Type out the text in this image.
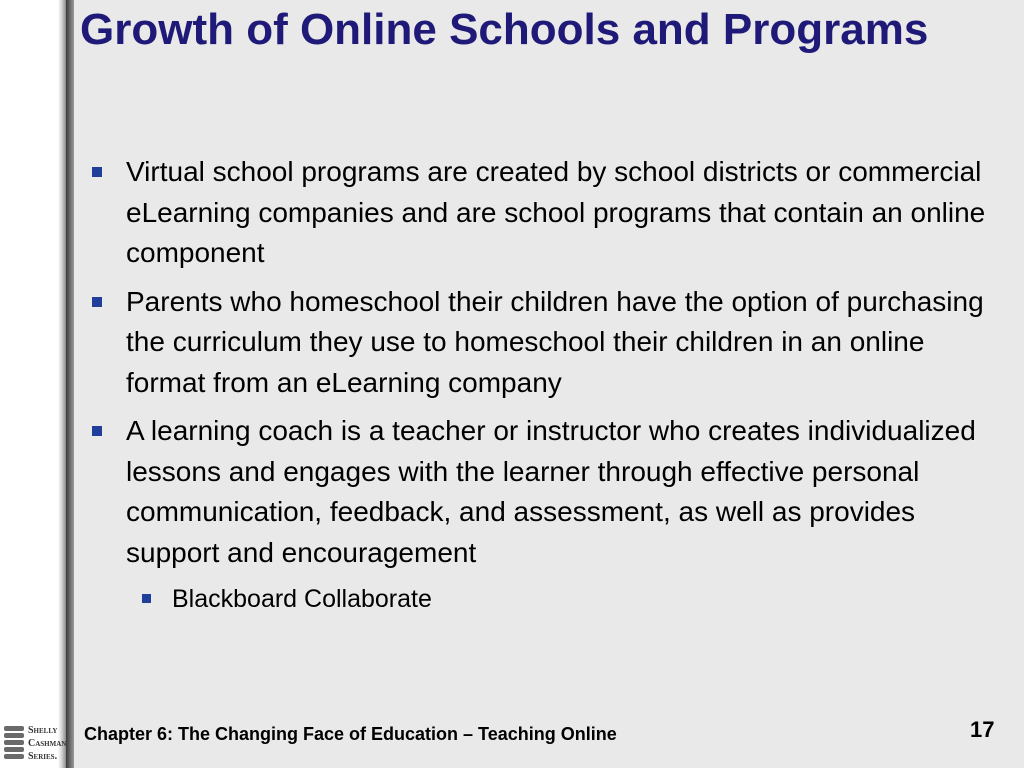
Growth of Online Schools and Programs
Virtual school programs are created by school districts or commercial eLearning companies and are school programs that contain an online component
Parents who homeschool their children have the option of purchasing the curriculum they use to homeschool their children in an online format from an eLearning company
A learning coach is a teacher or instructor who creates individualized lessons and engages with the learner through effective personal communication, feedback, and assessment, as well as provides support and encouragement
Blackboard Collaborate
Shelly
Cashman
Series.
Chapter 6: The Changing Face of Education – Teaching Online	17
